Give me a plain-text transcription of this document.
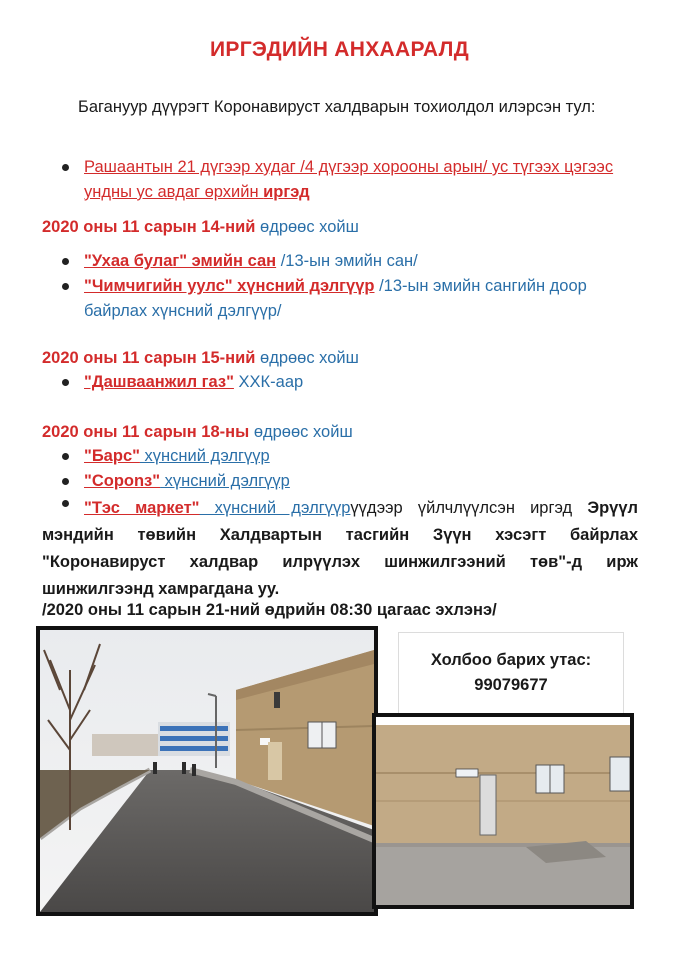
ИРГЭДИЙН АНХААРАЛД
Багануур дүүрэгт Коронавируст халдварын тохиолдол илэрсэн тул:
Рашаантын 21 дүгээр худаг /4 дүгээр хорооны арын/ ус түгээх цэгээс ундны ус авдаг өрхийн иргэд
2020 оны 11 сарын 14-ний өдрөөс хойш
"Ухаа булаг" эмийн сан /13-ын эмийн сан/
"Чимчигийн уулс" хүнсний дэлгүүр /13-ын эмийн сангийн доор байрлах хүнсний дэлгүүр/
2020 оны 11 сарын 15-ний өдрөөс хойш
"Дашваанжил газ" ХХК-аар
2020 оны 11 сарын 18-ны өдрөөс хойш
"Барс" хүнсний дэлгүүр
"Сорonз" хүнсний дэлгүүр
"Тэс маркет" хүнсний дэлгүүрүүдээр үйлчлүүлсэн иргэд Эрүүл мэндийн төвийн Халдвартын тасгийн Зүүн хэсэгт байрлах "Коронавируст халдвар илрүүлэх шинжилгээний төв"-д ирж шинжилгээнд хамрагдана уу.
/2020 оны 11 сарын 21-ний өдрийн 08:30 цагаас эхлэнэ/
Холбоо барих утас:
99079677
